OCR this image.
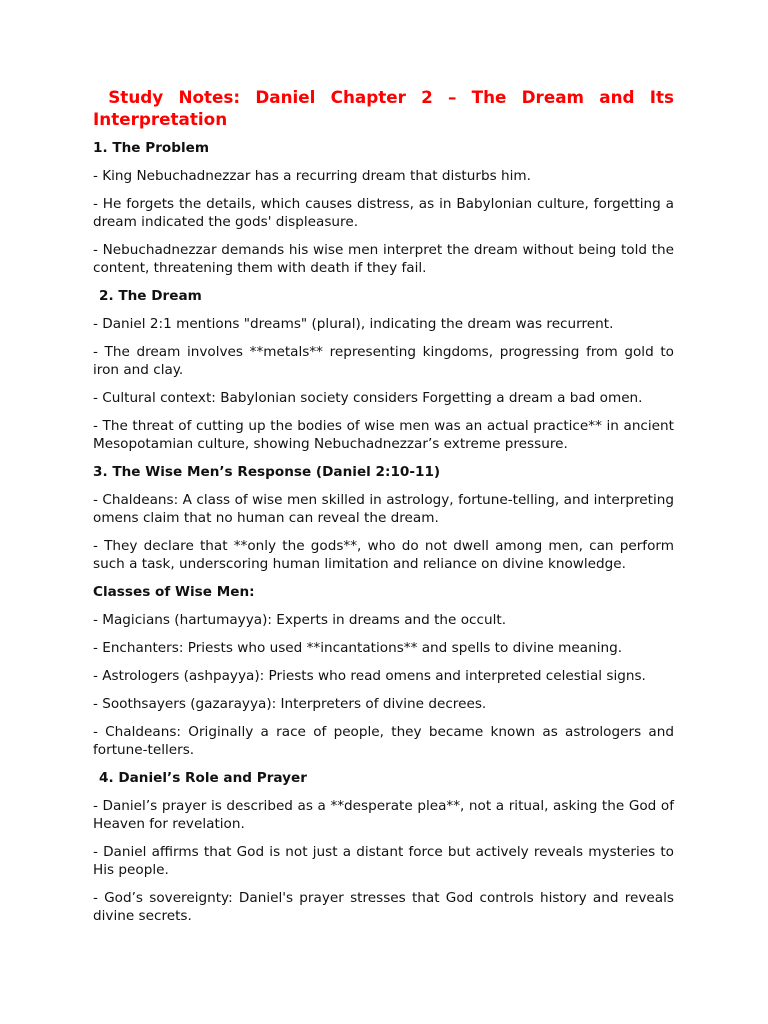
Study Notes: Daniel Chapter 2 – The Dream and Its Interpretation
1. The Problem
- King Nebuchadnezzar has a recurring dream that disturbs him.
- He forgets the details, which causes distress, as in Babylonian culture, forgetting a dream indicated the gods' displeasure.
- Nebuchadnezzar demands his wise men interpret the dream without being told the content, threatening them with death if they fail.
2. The Dream
- Daniel 2:1 mentions "dreams" (plural), indicating the dream was recurrent.
- The dream involves **metals** representing kingdoms, progressing from gold to iron and clay.
- Cultural context: Babylonian society considers Forgetting a dream a bad omen.
- The threat of cutting up the bodies of wise men was an actual practice** in ancient Mesopotamian culture, showing Nebuchadnezzar’s extreme pressure.
3. The Wise Men’s Response (Daniel 2:10-11)
- Chaldeans: A class of wise men skilled in astrology, fortune-telling, and interpreting omens claim that no human can reveal the dream.
- They declare that **only the gods**, who do not dwell among men, can perform such a task, underscoring human limitation and reliance on divine knowledge.
Classes of Wise Men:
- Magicians (hartumayya): Experts in dreams and the occult.
- Enchanters: Priests who used **incantations** and spells to divine meaning.
- Astrologers (ashpayya): Priests who read omens and interpreted celestial signs.
- Soothsayers (gazarayya): Interpreters of divine decrees.
- Chaldeans: Originally a race of people, they became known as astrologers and fortune-tellers.
4. Daniel’s Role and Prayer
- Daniel’s prayer is described as a **desperate plea**, not a ritual, asking the God of Heaven for revelation.
- Daniel affirms that God is not just a distant force but actively reveals mysteries to His people.
- God’s sovereignty: Daniel's prayer stresses that God controls history and reveals divine secrets.
